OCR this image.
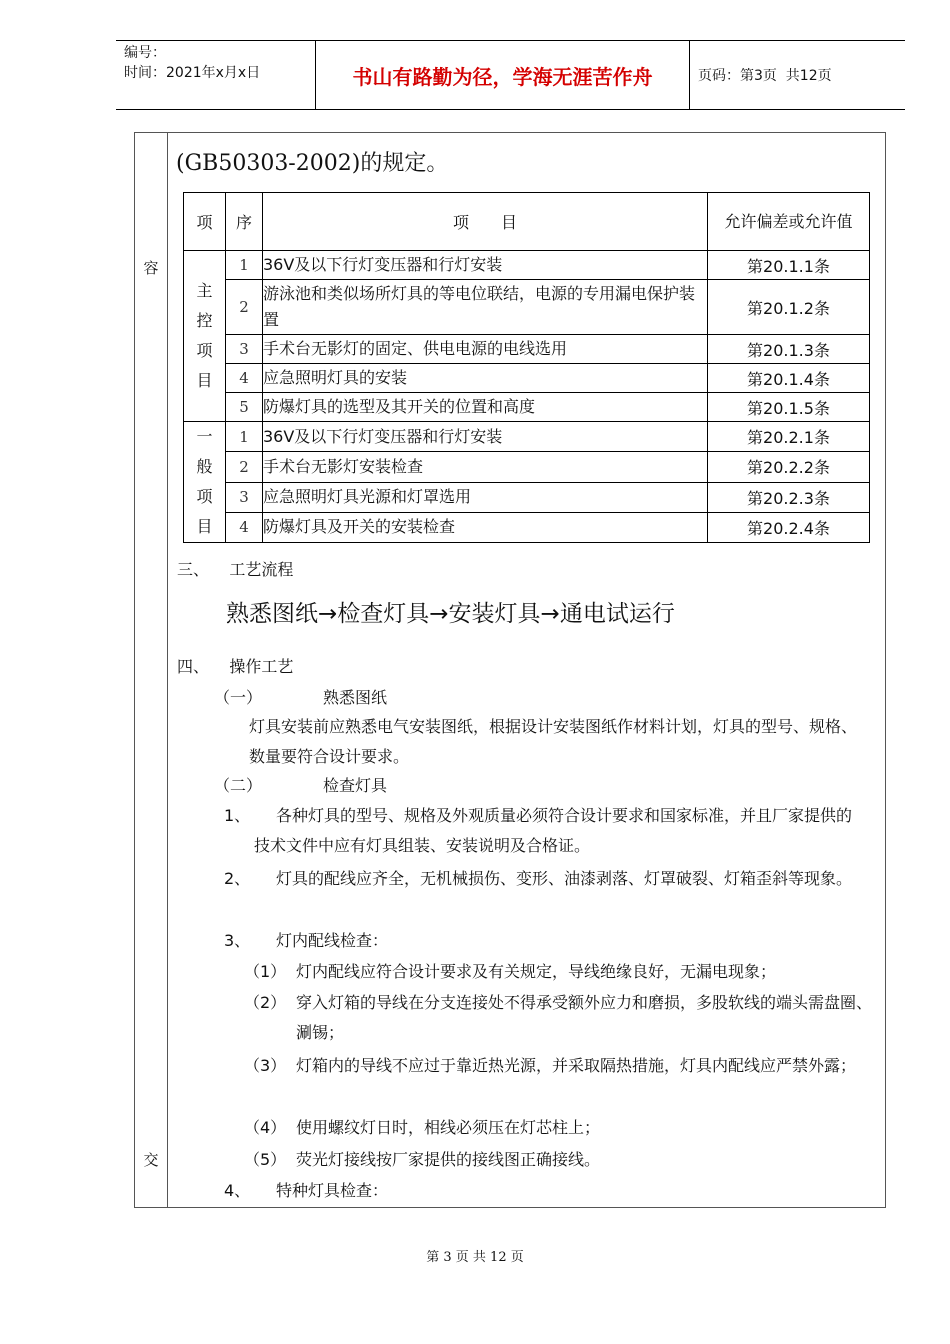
编号：
时间：2021年x月x日	书山有路勤为径，学海无涯苦作舟	页码：第3页  共12页
容
交
(GB50303-2002)的规定。
项	序	项　　目	允许偏差或允许值

主控项目	1	36V及以下行灯变压器和行灯安装	第20.1.1条
	2	游泳池和类似场所灯具的等电位联结，电源的专用漏电保护装置	第20.1.2条
	3	手术台无影灯的固定、供电电源的电线选用	第20.1.3条
	4	应急照明灯具的安装	第20.1.4条
	5	防爆灯具的选型及其开关的位置和高度	第20.1.5条

一般项目	1	36V及以下行灯变压器和行灯安装	第20.2.1条
	2	手术台无影灯安装检查	第20.2.2条
	3	应急照明灯具光源和灯罩选用	第20.2.3条
	4	防爆灯具及开关的安装检查	第20.2.4条
三、 工艺流程
熟悉图纸→检查灯具→安装灯具→通电试运行
四、 操作工艺
（一）	熟悉图纸
灯具安装前应熟悉电气安装图纸，根据设计安装图纸作材料计划，灯具的型号、规格、数量要符合设计要求。
（二）	检查灯具
1、	各种灯具的型号、规格及外观质量必须符合设计要求和国家标准，并且厂家提供的技术文件中应有灯具组装、安装说明及合格证。
2、	灯具的配线应齐全，无机械损伤、变形、油漆剥落、灯罩破裂、灯箱歪斜等现象。
3、 灯内配线检查：
（1） 灯内配线应符合设计要求及有关规定，导线绝缘良好，无漏电现象；
（2） 穿入灯箱的导线在分支连接处不得承受额外应力和磨损，多股软线的端头需盘圈、涮锡；
（3） 灯箱内的导线不应过于靠近热光源，并采取隔热措施，灯具内配线应严禁外露；
（4） 使用螺纹灯日时，相线必须压在灯芯柱上；
（5） 荧光灯接线按厂家提供的接线图正确接线。
4、 特种灯具检查：
第 3 页 共 12 页
